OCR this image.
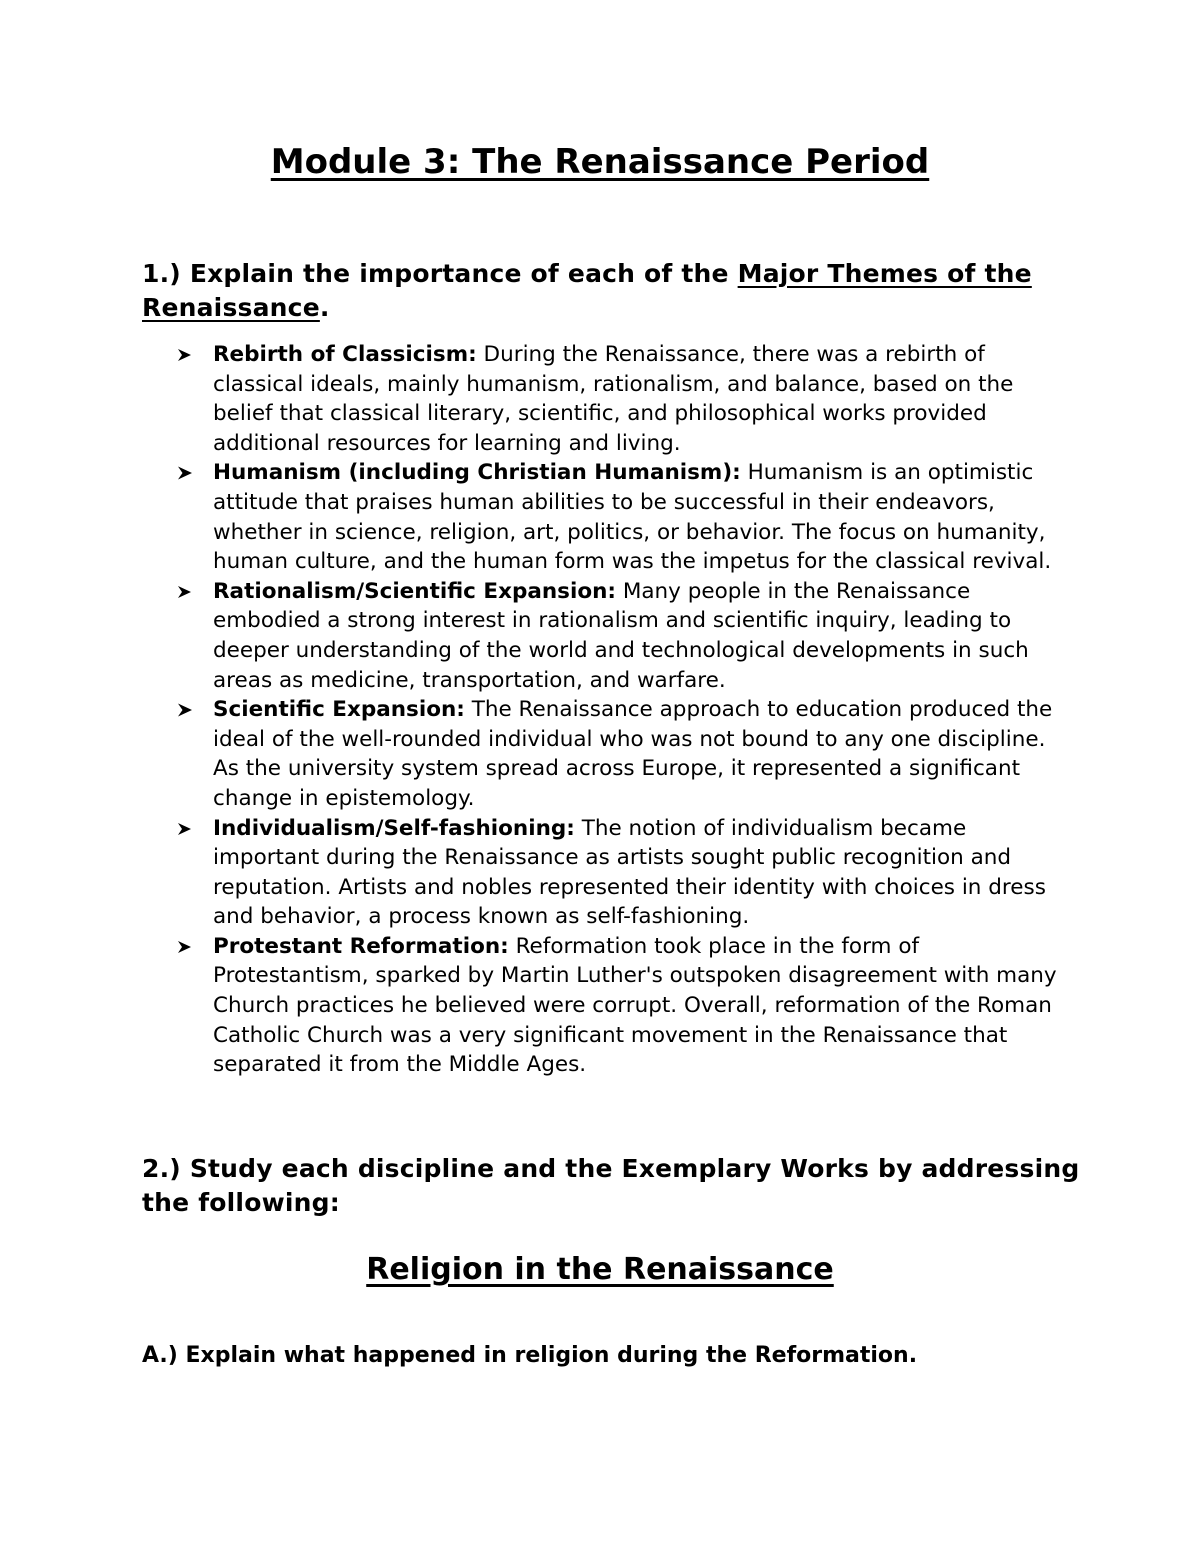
Module 3: The Renaissance Period
1.) Explain the importance of each of the Major Themes of the Renaissance.
Rebirth of Classicism: During the Renaissance, there was a rebirth of classical ideals, mainly humanism, rationalism, and balance, based on the belief that classical literary, scientific, and philosophical works provided additional resources for learning and living.
Humanism (including Christian Humanism): Humanism is an optimistic attitude that praises human abilities to be successful in their endeavors, whether in science, religion, art, politics, or behavior. The focus on humanity, human culture, and the human form was the impetus for the classical revival.
Rationalism/Scientific Expansion: Many people in the Renaissance embodied a strong interest in rationalism and scientific inquiry, leading to deeper understanding of the world and technological developments in such areas as medicine, transportation, and warfare.
Scientific Expansion: The Renaissance approach to education produced the ideal of the well-rounded individual who was not bound to any one discipline. As the university system spread across Europe, it represented a significant change in epistemology.
Individualism/Self-fashioning: The notion of individualism became important during the Renaissance as artists sought public recognition and reputation. Artists and nobles represented their identity with choices in dress and behavior, a process known as self-fashioning.
Protestant Reformation: Reformation took place in the form of Protestantism, sparked by Martin Luther's outspoken disagreement with many Church practices he believed were corrupt. Overall, reformation of the Roman Catholic Church was a very significant movement in the Renaissance that separated it from the Middle Ages.
2.) Study each discipline and the Exemplary Works by addressing the following:
Religion in the Renaissance
A.) Explain what happened in religion during the Reformation.
